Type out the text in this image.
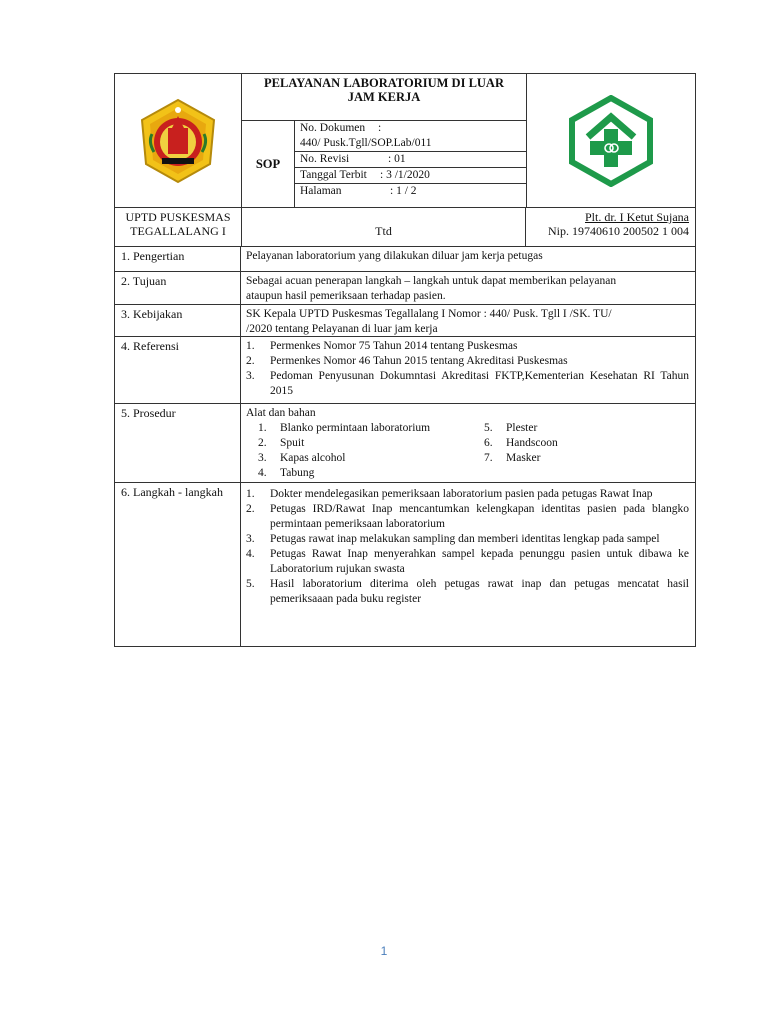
PELAYANAN LABORATORIUM DI LUAR
JAM KERJA
SOP
No. Dokumen :
440/ Pusk.Tgll/SOP.Lab/011
No. Revisi	: 01
Tanggal Terbit : 3 /1/2020
Halaman	: 1 / 2
UPTD PUSKESMAS
TEGALLALANG I	Ttd
Plt. dr. I Ketut Sujana
Nip. 19740610 200502 1 004
1. Pengertian	Pelayanan laboratorium yang dilakukan diluar jam kerja petugas
2. Tujuan	Sebagai acuan penerapan langkah – langkah untuk dapat memberikan pelayanan
ataupun hasil pemeriksaan terhadap pasien.
3. Kebijakan	SK Kepala UPTD Puskesmas Tegallalang I Nomor : 440/ Pusk. Tgll I /SK. TU/
/2020 tentang Pelayanan di luar jam kerja
4. Referensi	1.	Permenkes Nomor 75 Tahun 2014 tentang Puskesmas
2.	Permenkes Nomor 46 Tahun 2015 tentang Akreditasi Puskesmas
3.	Pedoman Penyusunan Dokumntasi Akreditasi FKTP,Kementerian Kesehatan RI Tahun 2015
5. Prosedur	Alat dan bahan
1.	Blanko permintaan laboratorium
2.	Spuit
3.	Kapas alcohol
4.	Tabung
5.	Plester
6.	Handscoon
7.	Masker
6. Langkah - langkah	1.	Dokter mendelegasikan pemeriksaan laboratorium pasien pada petugas Rawat Inap
2.	Petugas IRD/Rawat Inap mencantumkan kelengkapan identitas pasien pada blangko permintaan pemeriksaan laboratorium
3.	Petugas rawat inap melakukan sampling dan memberi identitas lengkap pada sampel
4.	Petugas Rawat Inap menyerahkan sampel kepada penunggu pasien untuk dibawa ke Laboratorium rujukan swasta
5.	Hasil laboratorium diterima oleh petugas rawat inap dan petugas mencatat hasil pemeriksaaan pada buku register
1
